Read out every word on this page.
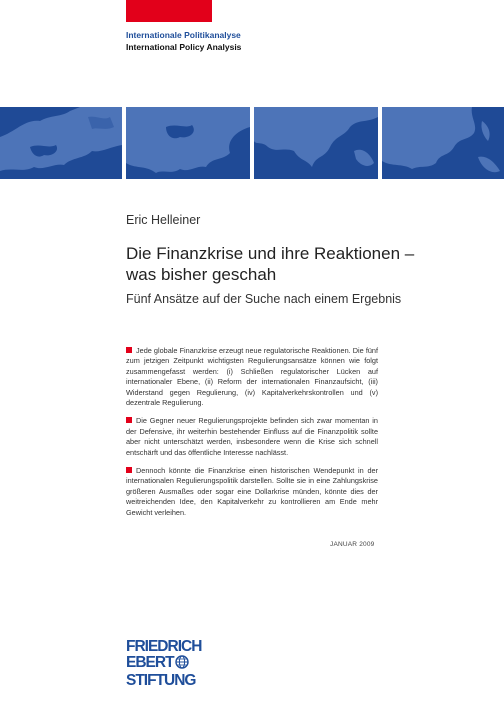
Internationale Politikanalyse
International Policy Analysis
Eric Helleiner
Die Finanzkrise und ihre Reaktionen –
was bisher geschah
Fünf Ansätze auf der Suche nach einem Ergebnis

Jede globale Finanzkrise erzeugt neue regulatorische Reaktionen. Die fünf zum jetzigen Zeitpunkt wichtigsten Regulierungsansätze können wie folgt zusammengefasst werden: (i) Schließen regulatorischer Lücken auf internationaler Ebene, (ii) Reform der internationalen Finanzaufsicht, (iii) Widerstand gegen Regulierung, (iv) Kapitalverkehrskontrollen und (v) dezentrale Regulierung.

Die Gegner neuer Regulierungsprojekte befinden sich zwar momentan in der Defensive, ihr weiterhin bestehender Einfluss auf die Finanzpolitik sollte aber nicht unterschätzt werden, insbesondere wenn die Krise sich schnell entschärft und das öffentliche Interesse nachlässt.

Dennoch könnte die Finanzkrise einen historischen Wendepunkt in der internationalen Regulierungspolitik darstellen. Sollte sie in eine Zahlungskrise größeren Ausmaßes oder sogar eine Dollarkrise münden, könnte dies der weitreichenden Idee, den Kapitalverkehr zu kontrollieren am Ende mehr Gewicht verleihen.

JANUAR 2009
FRIEDRICH
EBERT
STIFTUNG
